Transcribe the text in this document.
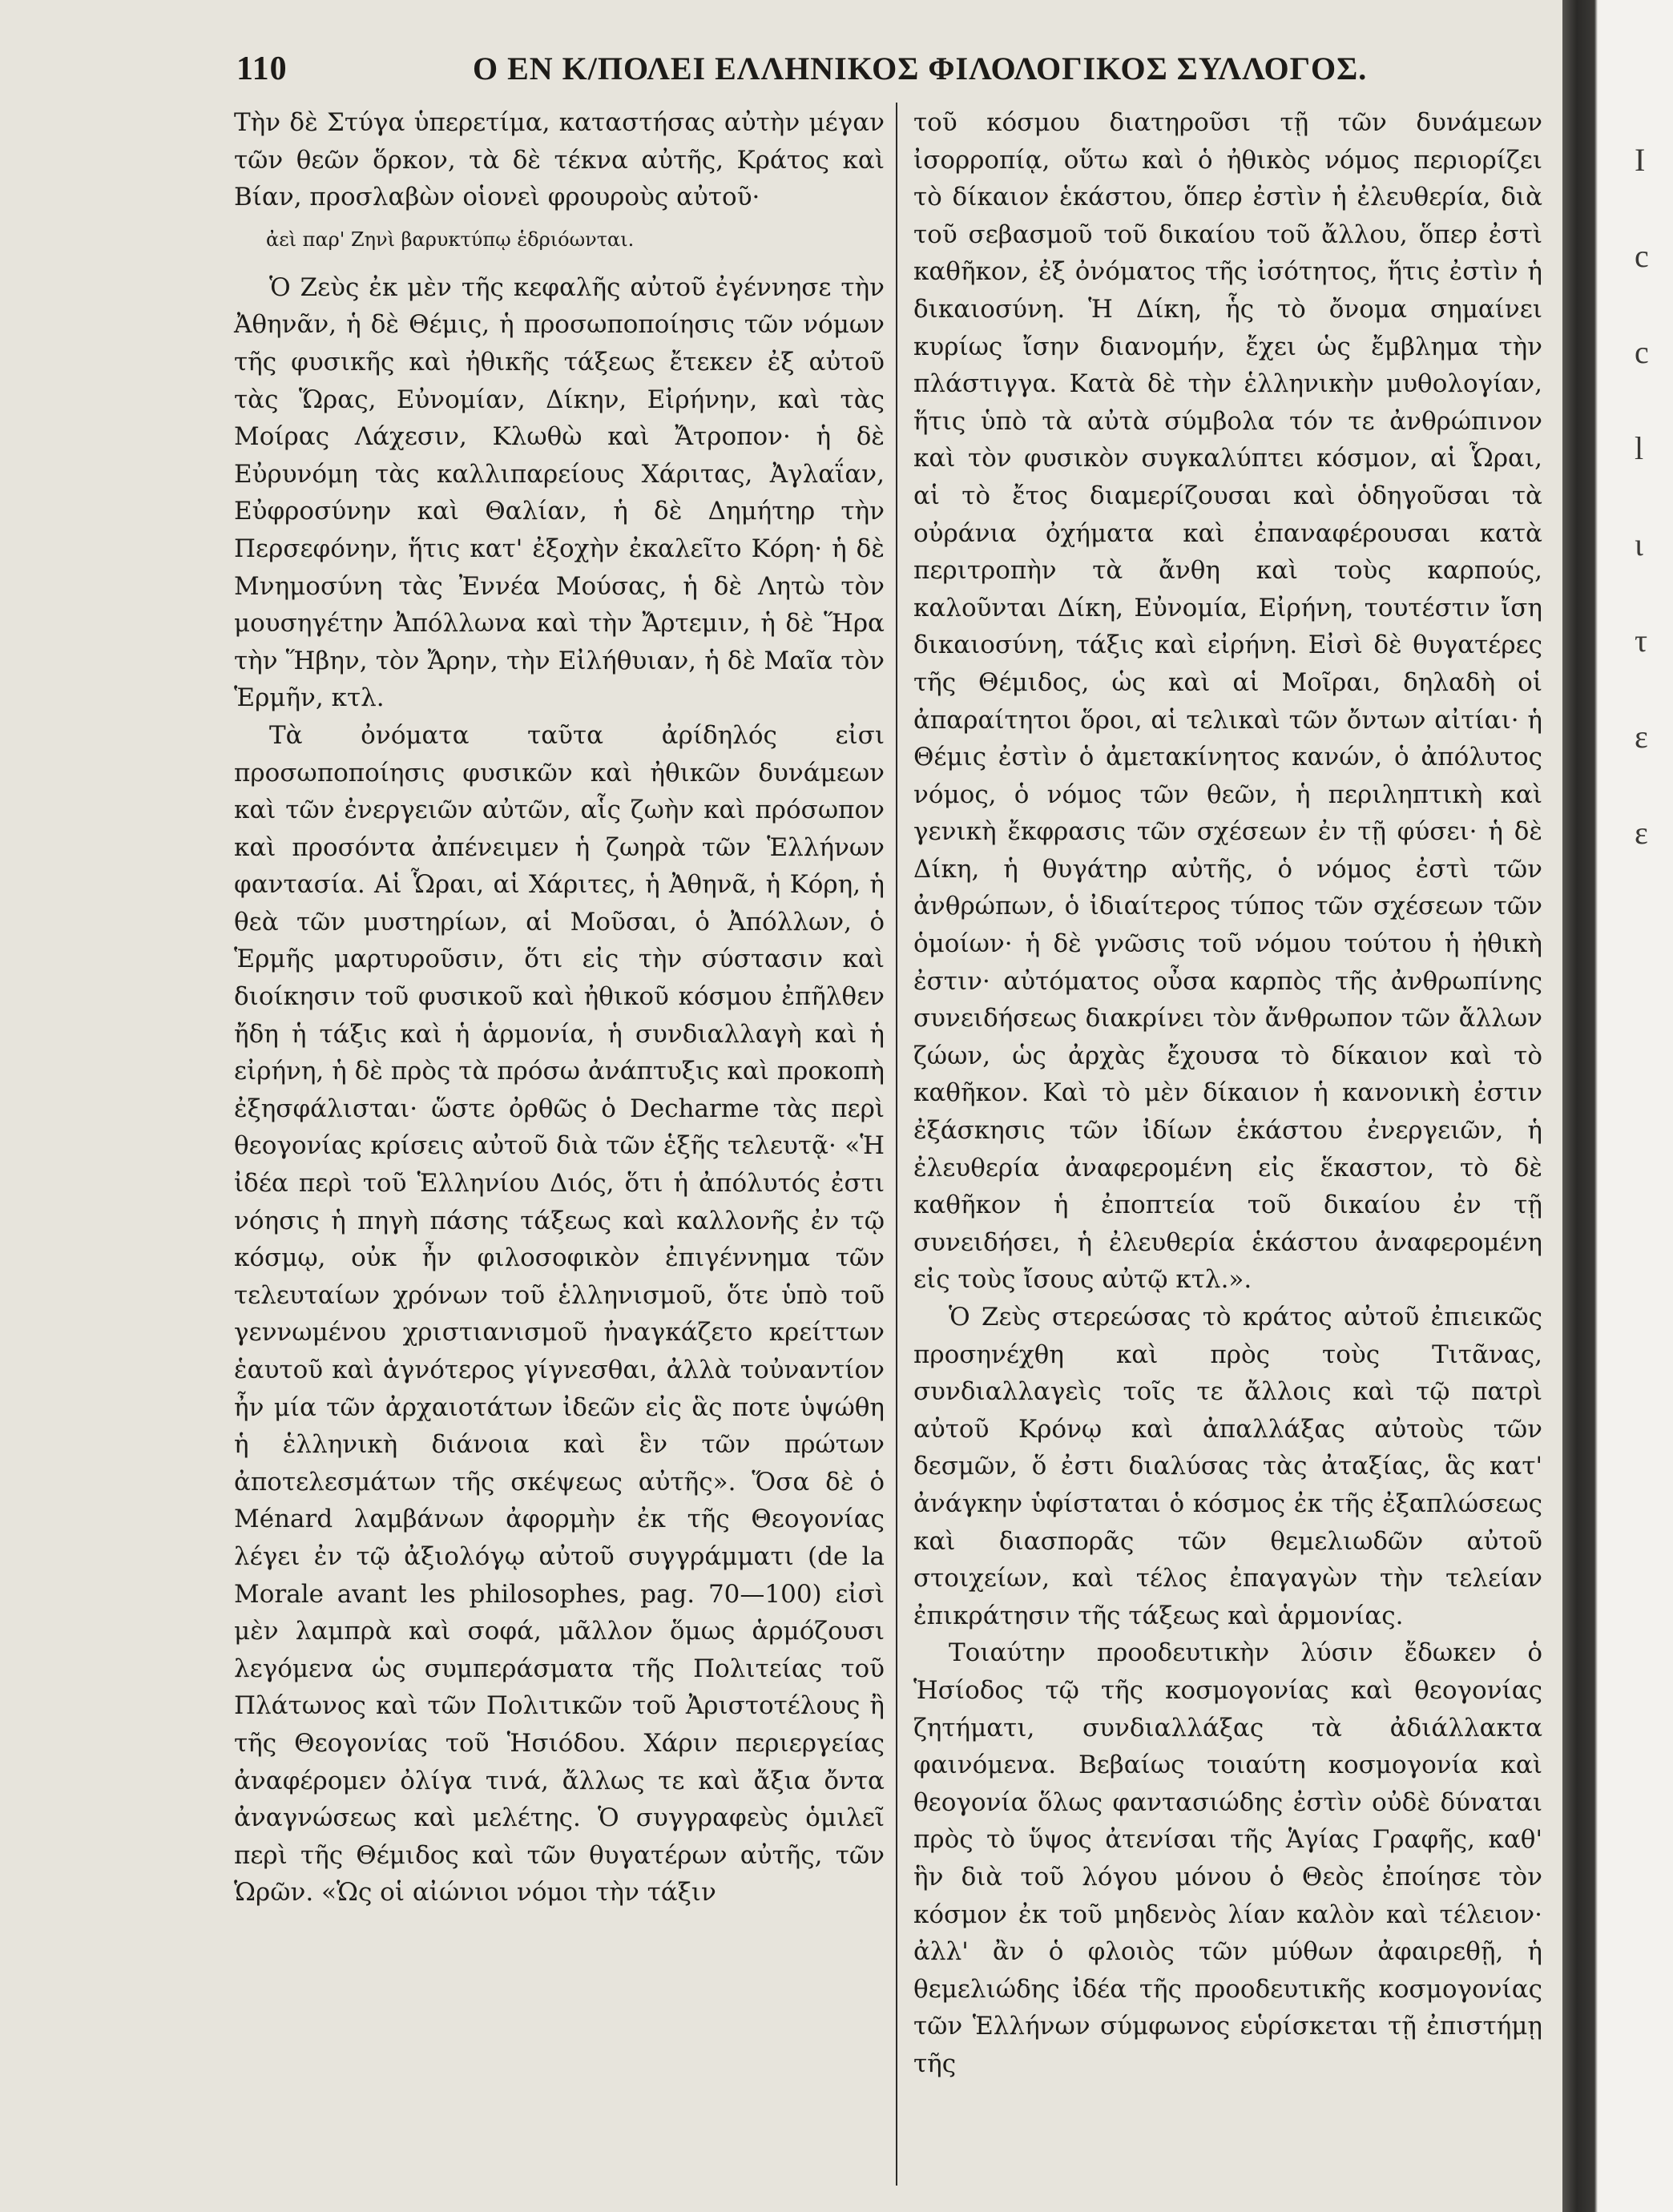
110	Ο ΕΝ Κ/ΠΟΛΕΙ ΕΛΛΗΝΙΚΟΣ ΦΙΛΟΛΟΓΙΚΟΣ ΣΥΛΛΟΓΟΣ.

Τὴν δὲ Στύγα ὑπερετίμα, καταστήσας αὐτὴν μέγαν τῶν θεῶν ὅρκον, τὰ δὲ τέκνα αὐτῆς, Κράτος καὶ Βίαν, προσλαβὼν οἱονεὶ φρουροὺς αὐτοῦ·

ἀεὶ παρ' Ζηνὶ βαρυκτύπῳ ἑδριόωνται.

Ὁ Ζεὺς ἐκ μὲν τῆς κεφαλῆς αὐτοῦ ἐγέννησε τὴν Ἀθηνᾶν, ἡ δὲ Θέμις, ἡ προσωποποίησις τῶν νόμων τῆς φυσικῆς καὶ ἠθικῆς τάξεως ἔτεκεν ἐξ αὐτοῦ τὰς Ὥρας, Εὐνομίαν, Δίκην, Εἰρήνην, καὶ τὰς Μοίρας Λάχεσιν, Κλωθὼ καὶ Ἄτροπον· ἡ δὲ Εὐρυνόμη τὰς καλλιπαρείους Χάριτας, Ἀγλαΐαν, Εὐφροσύνην καὶ Θαλίαν, ἡ δὲ Δημήτηρ τὴν Περσεφόνην, ἥτις κατ' ἐξοχὴν ἐκαλεῖτο Κόρη· ἡ δὲ Μνημοσύνη τὰς Ἐννέα Μούσας, ἡ δὲ Λητὼ τὸν μουσηγέτην Ἀπόλλωνα καὶ τὴν Ἄρτεμιν, ἡ δὲ Ἥρα τὴν Ἥβην, τὸν Ἄρην, τὴν Εἰλήθυιαν, ἡ δὲ Μαῖα τὸν Ἑρμῆν, κτλ.

Τὰ ὀνόματα ταῦτα ἀρίδηλός εἰσι προσωποποίησις φυσικῶν καὶ ἠθικῶν δυνάμεων καὶ τῶν ἐνεργειῶν αὐτῶν, αἷς ζωὴν καὶ πρόσωπον καὶ προσόντα ἀπένειμεν ἡ ζωηρὰ τῶν Ἑλλήνων φαντασία. Αἱ Ὧραι, αἱ Χάριτες, ἡ Ἀθηνᾶ, ἡ Κόρη, ἡ θεὰ τῶν μυστηρίων, αἱ Μοῦσαι, ὁ Ἀπόλλων, ὁ Ἑρμῆς μαρτυροῦσιν, ὅτι εἰς τὴν σύστασιν καὶ διοίκησιν τοῦ φυσικοῦ καὶ ἠθικοῦ κόσμου ἐπῆλθεν ἤδη ἡ τάξις καὶ ἡ ἁρμονία, ἡ συνδιαλλαγὴ καὶ ἡ εἰρήνη, ἡ δὲ πρὸς τὰ πρόσω ἀνάπτυξις καὶ προκοπὴ ἐξησφάλισται· ὥστε ὀρθῶς ὁ Decharme τὰς περὶ θεογονίας κρίσεις αὐτοῦ διὰ τῶν ἑξῆς τελευτᾷ· «Ἡ ἰδέα περὶ τοῦ Ἑλληνίου Διός, ὅτι ἡ ἀπόλυτός ἐστι νόησις ἡ πηγὴ πάσης τάξεως καὶ καλλονῆς ἐν τῷ κόσμῳ, οὐκ ἦν φιλοσοφικὸν ἐπιγέννημα τῶν τελευταίων χρόνων τοῦ ἑλληνισμοῦ, ὅτε ὑπὸ τοῦ γεννωμένου χριστιανισμοῦ ἠναγκάζετο κρείττων ἑαυτοῦ καὶ ἁγνότερος γίγνεσθαι, ἀλλὰ τοὐναντίον ἦν μία τῶν ἀρχαιοτάτων ἰδεῶν εἰς ἃς ποτε ὑψώθη ἡ ἑλληνικὴ διάνοια καὶ ἓν τῶν πρώτων ἀποτελεσμάτων τῆς σκέψεως αὐτῆς». Ὅσα δὲ ὁ Ménard λαμβάνων ἀφορμὴν ἐκ τῆς Θεογονίας λέγει ἐν τῷ ἀξιολόγῳ αὐτοῦ συγγράμματι (de la Morale avant les philosophes, pag. 70—100) εἰσὶ μὲν λαμπρὰ καὶ σοφά, μᾶλλον ὅμως ἁρμόζουσι λεγόμενα ὡς συμπεράσματα τῆς Πολιτείας τοῦ Πλάτωνος καὶ τῶν Πολιτικῶν τοῦ Ἀριστοτέλους ἢ τῆς Θεογονίας τοῦ Ἡσιόδου. Χάριν περιεργείας ἀναφέρομεν ὀλίγα τινά, ἄλλως τε καὶ ἄξια ὄντα ἀναγνώσεως καὶ μελέτης. Ὁ συγγραφεὺς ὁμιλεῖ περὶ τῆς Θέμιδος καὶ τῶν θυγατέρων αὐτῆς, τῶν Ὡρῶν. «Ὡς οἱ αἰώνιοι νόμοι τὴν τάξιν

τοῦ κόσμου διατηροῦσι τῇ τῶν δυνάμεων ἰσορροπίᾳ, οὕτω καὶ ὁ ἠθικὸς νόμος περιορίζει τὸ δίκαιον ἑκάστου, ὅπερ ἐστὶν ἡ ἐλευθερία, διὰ τοῦ σεβασμοῦ τοῦ δικαίου τοῦ ἄλλου, ὅπερ ἐστὶ καθῆκον, ἐξ ὀνόματος τῆς ἰσότητος, ἥτις ἐστὶν ἡ δικαιοσύνη. Ἡ Δίκη, ἧς τὸ ὄνομα σημαίνει κυρίως ἴσην διανομήν, ἔχει ὡς ἔμβλημα τὴν πλάστιγγα. Κατὰ δὲ τὴν ἑλληνικὴν μυθολογίαν, ἥτις ὑπὸ τὰ αὐτὰ σύμβολα τόν τε ἀνθρώπινον καὶ τὸν φυσικὸν συγκαλύπτει κόσμον, αἱ Ὧραι, αἱ τὸ ἔτος διαμερίζουσαι καὶ ὁδηγοῦσαι τὰ οὐράνια ὀχήματα καὶ ἐπαναφέρουσαι κατὰ περιτροπὴν τὰ ἄνθη καὶ τοὺς καρπούς, καλοῦνται Δίκη, Εὐνομία, Εἰρήνη, τουτέστιν ἴση δικαιοσύνη, τάξις καὶ εἰρήνη. Εἰσὶ δὲ θυγατέρες τῆς Θέμιδος, ὡς καὶ αἱ Μοῖραι, δηλαδὴ οἱ ἀπαραίτητοι ὅροι, αἱ τελικαὶ τῶν ὄντων αἰτίαι· ἡ Θέμις ἐστὶν ὁ ἀμετακίνητος κανών, ὁ ἀπόλυτος νόμος, ὁ νόμος τῶν θεῶν, ἡ περιληπτικὴ καὶ γενικὴ ἔκφρασις τῶν σχέσεων ἐν τῇ φύσει· ἡ δὲ Δίκη, ἡ θυγάτηρ αὐτῆς, ὁ νόμος ἐστὶ τῶν ἀνθρώπων, ὁ ἰδιαίτερος τύπος τῶν σχέσεων τῶν ὁμοίων· ἡ δὲ γνῶσις τοῦ νόμου τούτου ἡ ἠθικὴ ἐστιν· αὐτόματος οὖσα καρπὸς τῆς ἀνθρωπίνης συνειδήσεως διακρίνει τὸν ἄνθρωπον τῶν ἄλλων ζώων, ὡς ἀρχὰς ἔχουσα τὸ δίκαιον καὶ τὸ καθῆκον. Καὶ τὸ μὲν δίκαιον ἡ κανονικὴ ἐστιν ἐξάσκησις τῶν ἰδίων ἑκάστου ἐνεργειῶν, ἡ ἐλευθερία ἀναφερομένη εἰς ἕκαστον, τὸ δὲ καθῆκον ἡ ἐποπτεία τοῦ δικαίου ἐν τῇ συνειδήσει, ἡ ἐλευθερία ἑκάστου ἀναφερομένη εἰς τοὺς ἴσους αὐτῷ κτλ.».

Ὁ Ζεὺς στερεώσας τὸ κράτος αὐτοῦ ἐπιεικῶς προσηνέχθη καὶ πρὸς τοὺς Τιτᾶνας, συνδιαλλαγεὶς τοῖς τε ἄλλοις καὶ τῷ πατρὶ αὐτοῦ Κρόνῳ καὶ ἀπαλλάξας αὐτοὺς τῶν δεσμῶν, ὅ ἐστι διαλύσας τὰς ἀταξίας, ἃς κατ' ἀνάγκην ὑφίσταται ὁ κόσμος ἐκ τῆς ἐξαπλώσεως καὶ διασπορᾶς τῶν θεμελιωδῶν αὐτοῦ στοιχείων, καὶ τέλος ἐπαγαγὼν τὴν τελείαν ἐπικράτησιν τῆς τάξεως καὶ ἁρμονίας.

Τοιαύτην προοδευτικὴν λύσιν ἔδωκεν ὁ Ἡσίοδος τῷ τῆς κοσμογονίας καὶ θεογονίας ζητήματι, συνδιαλλάξας τὰ ἀδιάλλακτα φαινόμενα. Βεβαίως τοιαύτη κοσμογονία καὶ θεογονία ὅλως φαντασιώδης ἐστὶν οὐδὲ δύναται πρὸς τὸ ὕψος ἀτενίσαι τῆς Ἁγίας Γραφῆς, καθ' ἣν διὰ τοῦ λόγου μόνου ὁ Θεὸς ἐποίησε τὸν κόσμον ἐκ τοῦ μηδενὸς λίαν καλὸν καὶ τέλειον· ἀλλ' ἂν ὁ φλοιὸς τῶν μύθων ἀφαιρεθῇ, ἡ θεμελιώδης ἰδέα τῆς προοδευτικῆς κοσμογονίας τῶν Ἑλλήνων σύμφωνος εὑρίσκεται τῇ ἐπιστήμῃ τῆς

I
c
c
l
ι
τ
ε
ε
